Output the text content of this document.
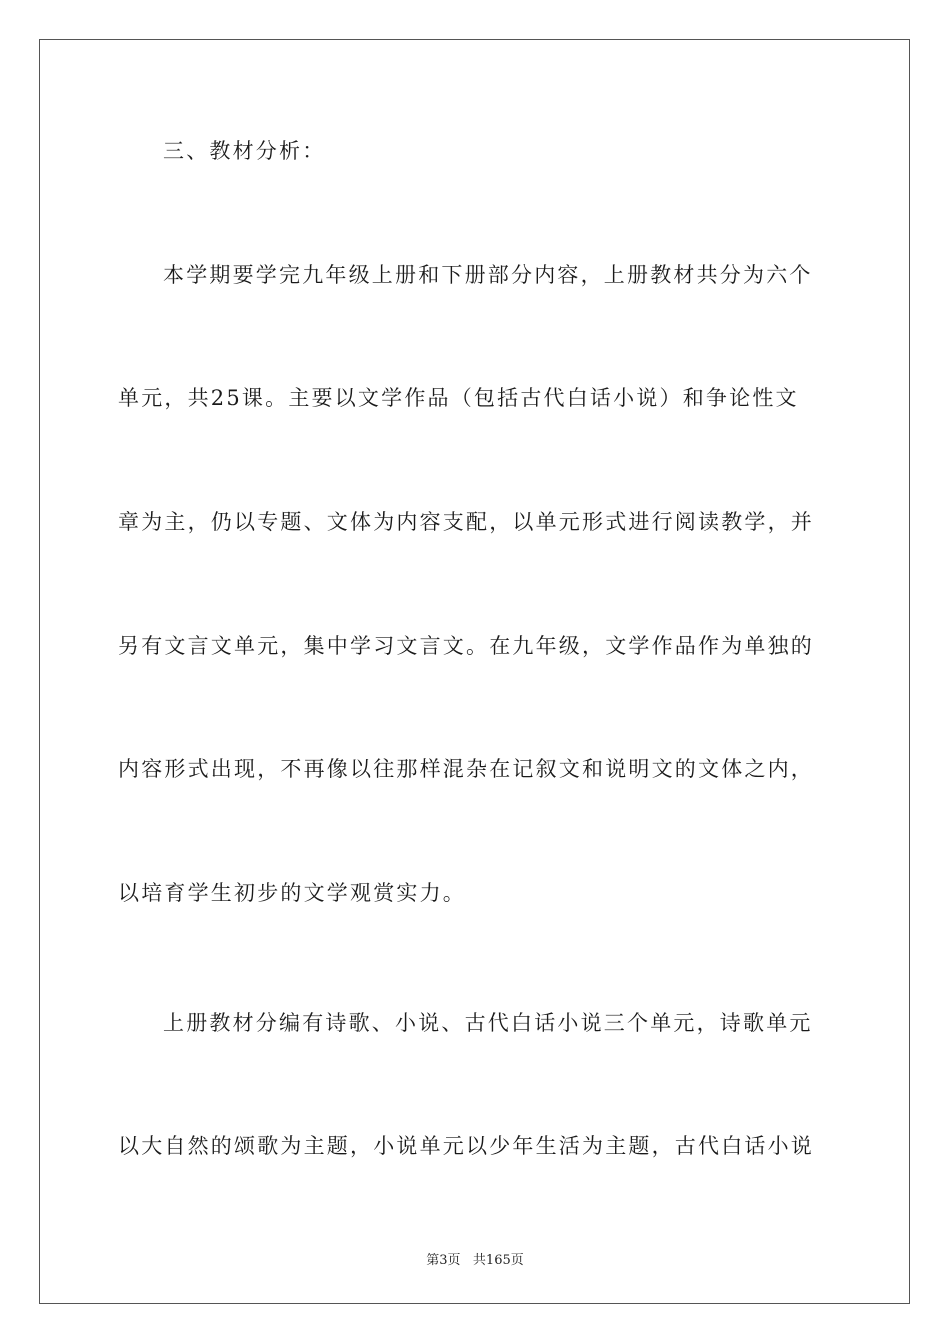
三、教材分析：
本学期要学完九年级上册和下册部分内容，上册教材共分为六个
单元，共25课。主要以文学作品（包括古代白话小说）和争论性文
章为主，仍以专题、文体为内容支配，以单元形式进行阅读教学，并
另有文言文单元，集中学习文言文。在九年级，文学作品作为单独的
内容形式出现，不再像以往那样混杂在记叙文和说明文的文体之内，
以培育学生初步的文学观赏实力。
上册教材分编有诗歌、小说、古代白话小说三个单元，诗歌单元
以大自然的颂歌为主题，小说单元以少年生活为主题，古代白话小说
第3页 共165页
